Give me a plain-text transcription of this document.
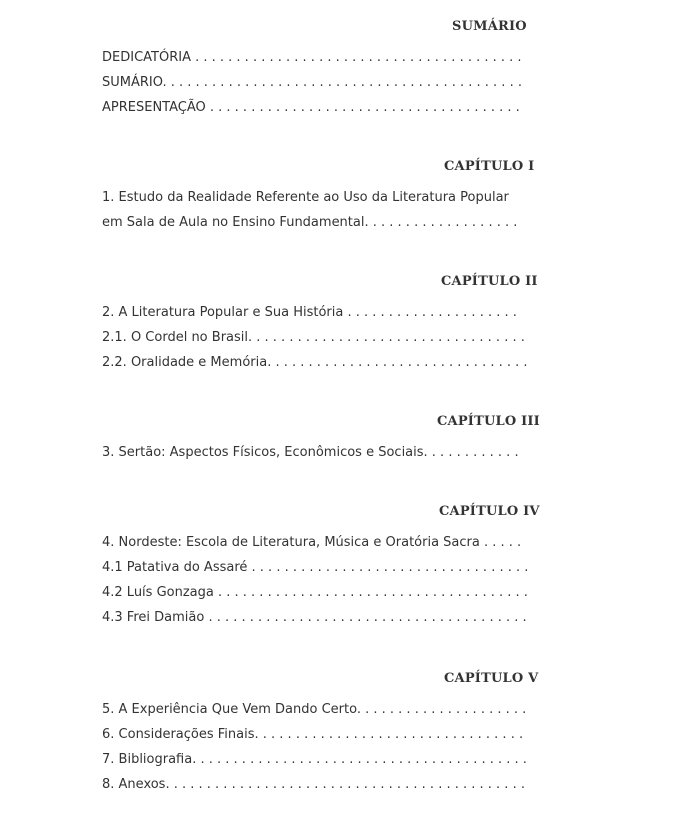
SUMÁRIO
DEDICATÓRIA . . . . . . . . . . . . . . . . . . . . . . . . . . . . . . . . . . . . . . . .
SUMÁRIO. . . . . . . . . . . . . . . . . . . . . . . . . . . . . . . . . . . . . . . . . . . .
APRESENTAÇÃO . . . . . . . . . . . . . . . . . . . . . . . . . . . . . . . . . . . . . .
CAPÍTULO I
1. Estudo da Realidade Referente ao Uso da Literatura Popular
em Sala de Aula no Ensino Fundamental. . . . . . . . . . . . . . . . . . .
CAPÍTULO II
2. A Literatura Popular e Sua História . . . . . . . . . . . . . . . . . . . . .
2.1. O Cordel no Brasil. . . . . . . . . . . . . . . . . . . . . . . . . . . . . . . . . .
2.2. Oralidade e Memória. . . . . . . . . . . . . . . . . . . . . . . . . . . . . . . .
CAPÍTULO III
3. Sertão: Aspectos Físicos, Econômicos e Sociais. . . . . . . . . . . .
CAPÍTULO IV
4. Nordeste: Escola de Literatura, Música e Oratória Sacra . . . . .
4.1 Patativa do Assaré . . . . . . . . . . . . . . . . . . . . . . . . . . . . . . . . . .
4.2 Luís Gonzaga . . . . . . . . . . . . . . . . . . . . . . . . . . . . . . . . . . . . . .
4.3 Frei Damião . . . . . . . . . . . . . . . . . . . . . . . . . . . . . . . . . . . . . . .
CAPÍTULO V
5. A Experiência Que Vem Dando Certo. . . . . . . . . . . . . . . . . . . . .
6. Considerações Finais. . . . . . . . . . . . . . . . . . . . . . . . . . . . . . . . .
7. Bibliografia. . . . . . . . . . . . . . . . . . . . . . . . . . . . . . . . . . . . . . . . .
8. Anexos. . . . . . . . . . . . . . . . . . . . . . . . . . . . . . . . . . . . . . . . . . . .
